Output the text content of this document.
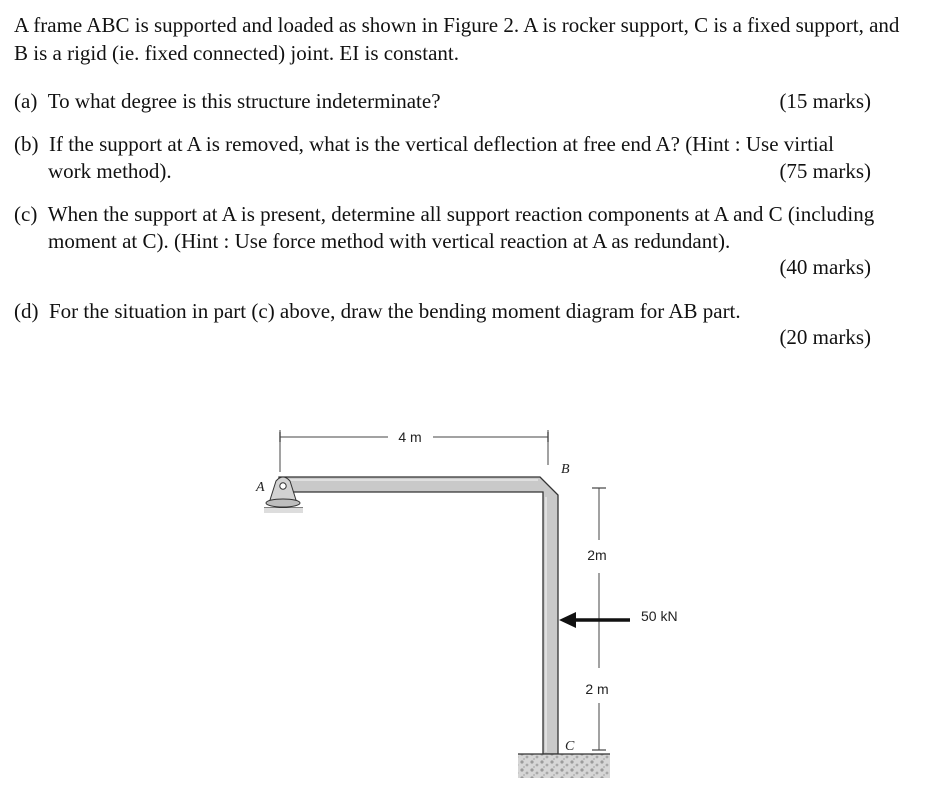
A frame ABC is supported and loaded as shown in Figure 2. A is rocker support, C is a fixed support, and

B is a rigid (ie. fixed connected) joint. EI is constant.

(a) To what degree is this structure indeterminate?	(15 marks)

(b) If the support at A is removed, what is the vertical deflection at free end A? (Hint : Use virtial

work method).	(75 marks)

(c) When the support at A is present, determine all support reaction components at A and C (including

moment at C). (Hint : Use force method with vertical reaction at A as redundant).

(40 marks)

(d) For the situation in part (c) above, draw the bending moment diagram for AB part.

(20 marks)
4 m
2m
2 m
50 kN
A
B
C
